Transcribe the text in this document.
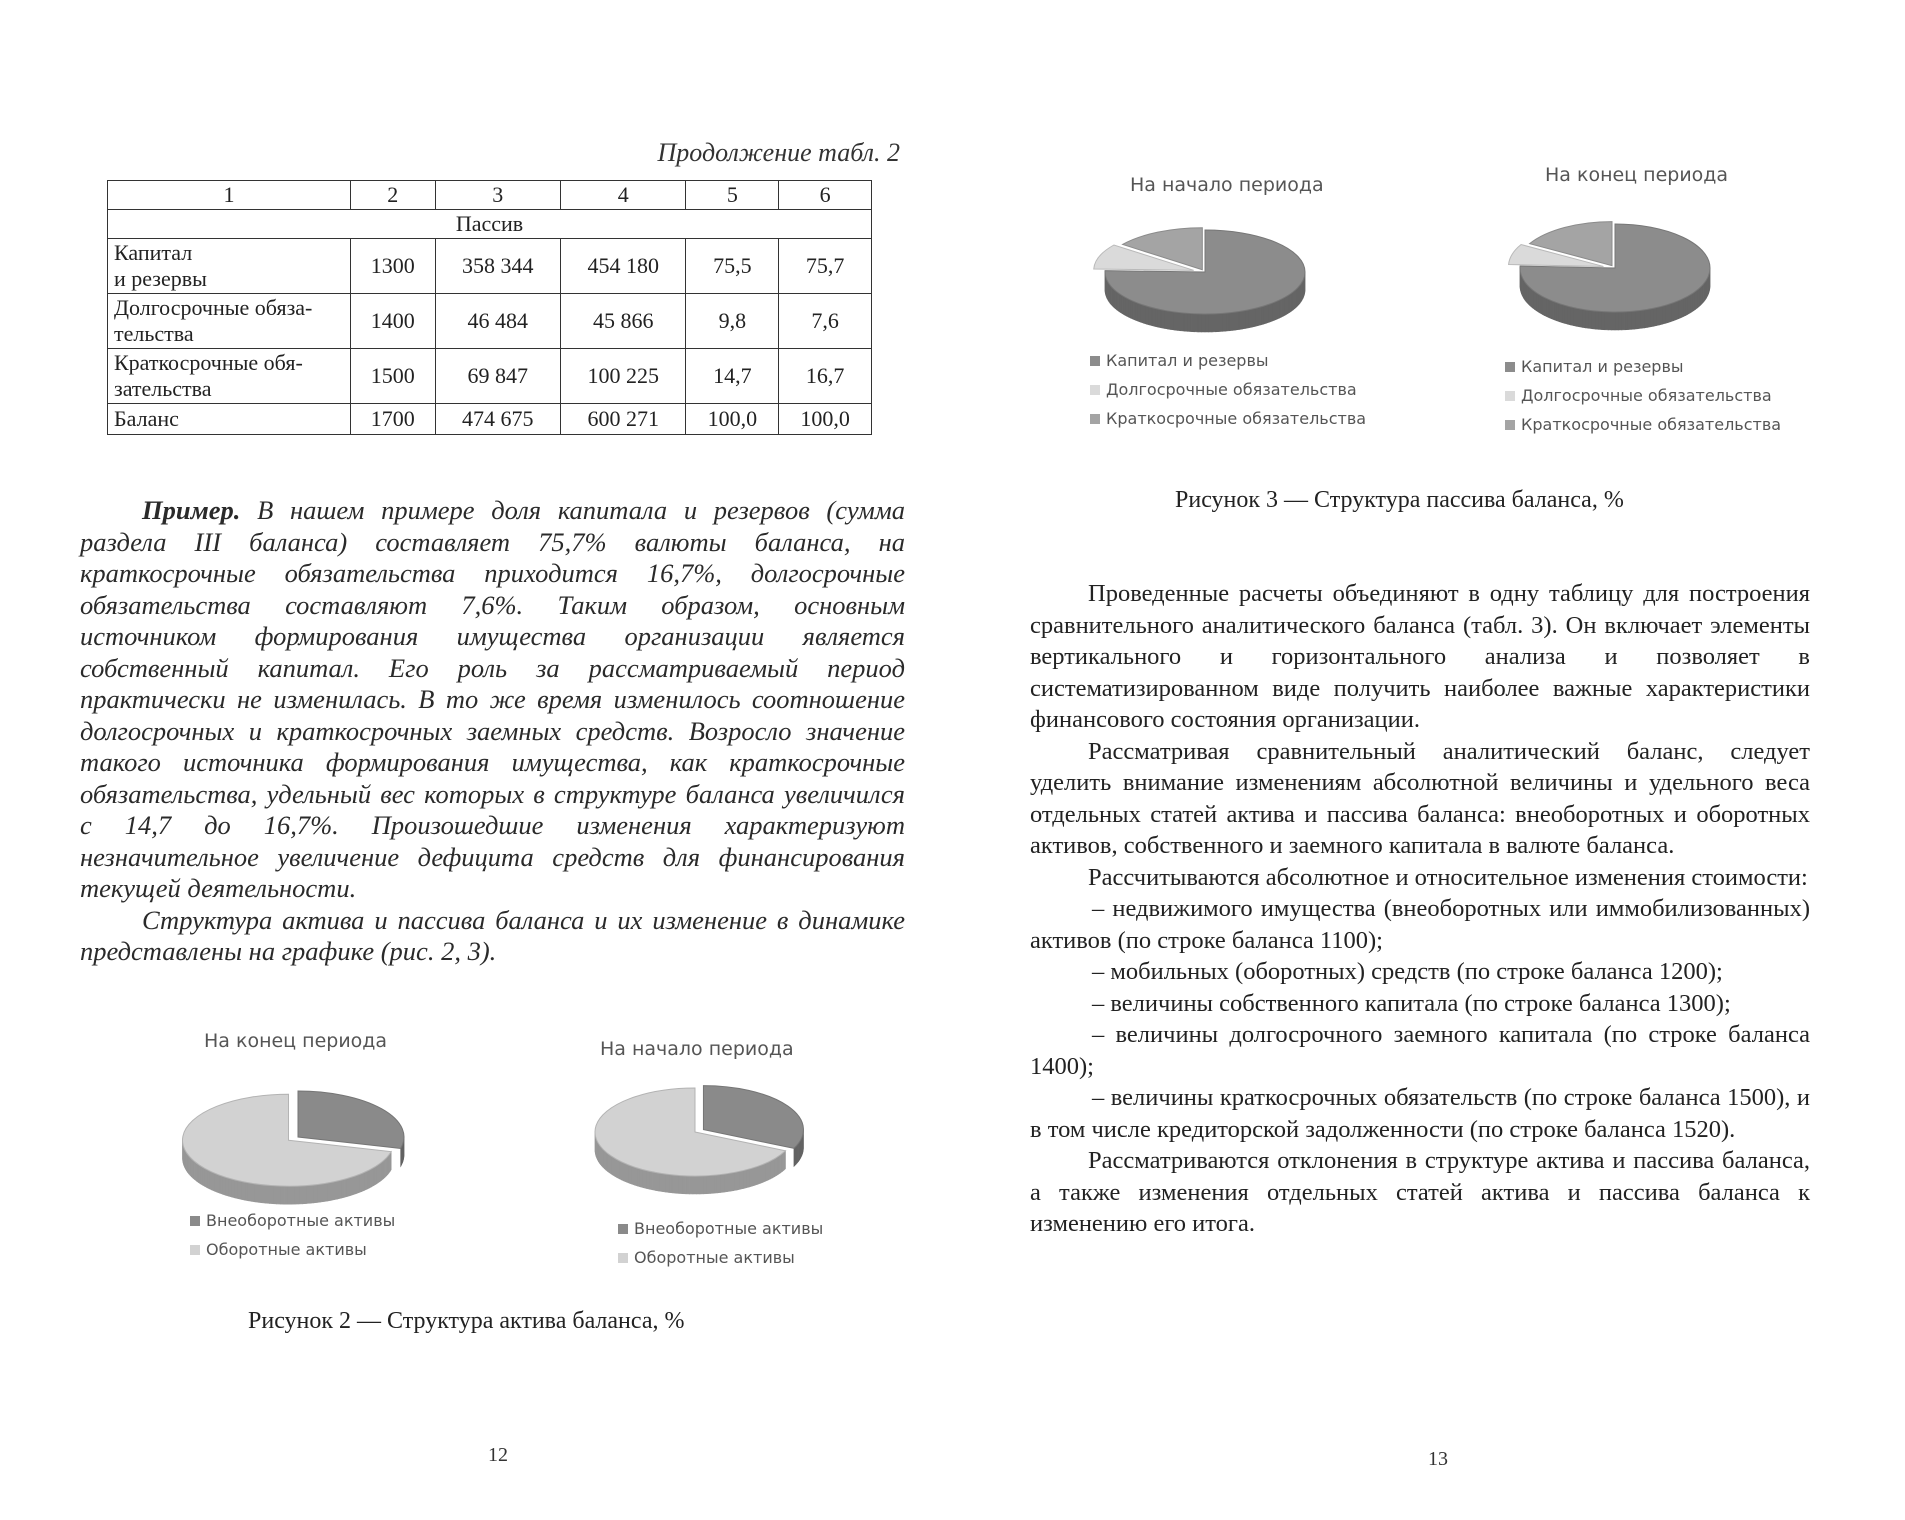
Продолжение табл. 2
1	2	3	4	5	6
Пассив					

Капитал
и резервы	1300	358 344	454 180	75,5	75,7

Долгосрочные обяза-
тельства	1400	46 484	45 866	9,8	7,6

Краткосрочные обя-
зательства	1500	69 847	100 225	14,7	16,7

Баланс	1700	474 675	600 271	100,0	100,0

Пример. В нашем примере доля капитала и резервов (сумма раздела III баланса) составляет 75,7% валюты баланса, на краткосрочные обязательства приходится 16,7%, долгосрочные обязательства составляют 7,6%. Таким образом, основным источником формирования имущества организации является собственный капитал. Его роль за рассматриваемый период практически не изменилась. В то же время изменилось соотношение долгосрочных и краткосрочных заемных средств. Возросло значение такого источника формирования имущества, как краткосрочные обязательства, удельный вес которых в структуре баланса увеличился с 14,7 до 16,7%. Произошедшие изменения характеризуют незначительное увеличение дефицита средств для финансирования текущей деятельности.

Структура актива и пассива баланса и их изменение в динамике представлены на графике (рис. 2, 3).

На конец периода
Внеоборотные активы
Оборотные активы
На начало периода
Внеоборотные активы
Оборотные активы
Рисунок 2 — Структура актива баланса, %
12
На начало периода
Капитал и резервы
Долгосрочные обязательства
Краткосрочные обязательства
На конец периода
Капитал и резервы
Долгосрочные обязательства
Краткосрочные обязательства
Рисунок 3 — Структура пассива баланса, %

Проведенные расчеты объединяют в одну таблицу для построения сравнительного аналитического баланса (табл. 3). Он включает элементы вертикального и горизонтального анализа и позволяет в систематизированном виде получить наиболее важные характеристики финансового состояния организации.

Рассматривая сравнительный аналитический баланс, следует уделить внимание изменениям абсолютной величины и удельного веса отдельных статей актива и пассива баланса: внеоборотных и оборотных активов, собственного и заемного капитала в валюте баланса.

Рассчитываются абсолютное и относительное изменения стоимости:

– недвижимого имущества (внеоборотных или иммобилизованных) активов (по строке баланса 1100);

– мобильных (оборотных) средств (по строке баланса 1200);

– величины собственного капитала (по строке баланса 1300);

– величины долгосрочного заемного капитала (по строке баланса 1400);

– величины краткосрочных обязательств (по строке баланса 1500), и в том числе кредиторской задолженности (по строке баланса 1520).

Рассматриваются отклонения в структуре актива и пассива баланса, а также изменения отдельных статей актива и пассива баланса к изменению его итога.

13
